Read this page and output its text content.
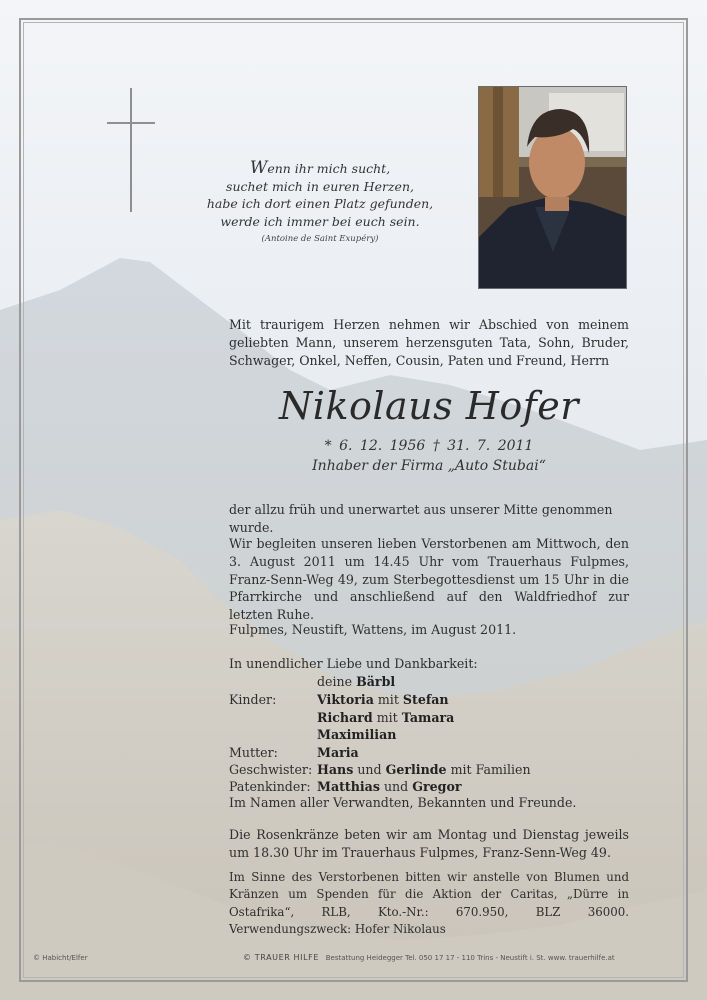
Wenn ihr mich sucht,
suchet mich in euren Herzen,
habe ich dort einen Platz gefunden,
werde ich immer bei euch sein.
(Antoine de Saint Exupéry)
Mit traurigem Herzen nehmen wir Abschied von meinem geliebten Mann, unserem herzensguten Tata, Sohn, Bruder, Schwager, Onkel, Neffen, Cousin, Paten und Freund, Herrn
Nikolaus Hofer
* 6. 12. 1956 † 31. 7. 2011
Inhaber der Firma „Auto Stubai“
der allzu früh und unerwartet aus unserer Mitte genommen wurde.
Wir begleiten unseren lieben Verstorbenen am Mittwoch, den 3. August 2011 um 14.45 Uhr vom Trauerhaus Fulpmes, Franz-Senn-Weg 49, zum Sterbegottesdienst um 15 Uhr in die Pfarrkirche und anschließend auf den Waldfriedhof zur letzten Ruhe.
Fulpmes, Neustift, Wattens, im August 2011.
In unendlicher Liebe und Dankbarkeit:
deine Bärbl
Kinder:	Viktoria mit Stefan
Richard mit Tamara
Maximilian
Mutter:	Maria
Geschwister: Hans und Gerlinde mit Familien
Patenkinder: Matthias und Gregor
Im Namen aller Verwandten, Bekannten und Freunde.
Die Rosenkränze beten wir am Montag und Dienstag jeweils um 18.30 Uhr im Trauerhaus Fulpmes, Franz-Senn-Weg 49.
Im Sinne des Verstorbenen bitten wir anstelle von Blumen und Kränzen um Spenden für die Aktion der Caritas, „Dürre in Ostafrika“, RLB, Kto.-Nr.: 670.950, BLZ 36000. Verwendungszweck: Hofer Nikolaus
© Habicht/Elfer	© TRAUER HILFE Bestattung Heidegger Tel. 050 17 17 - 110 Trins - Neustift i. St. www. trauerhilfe.at
